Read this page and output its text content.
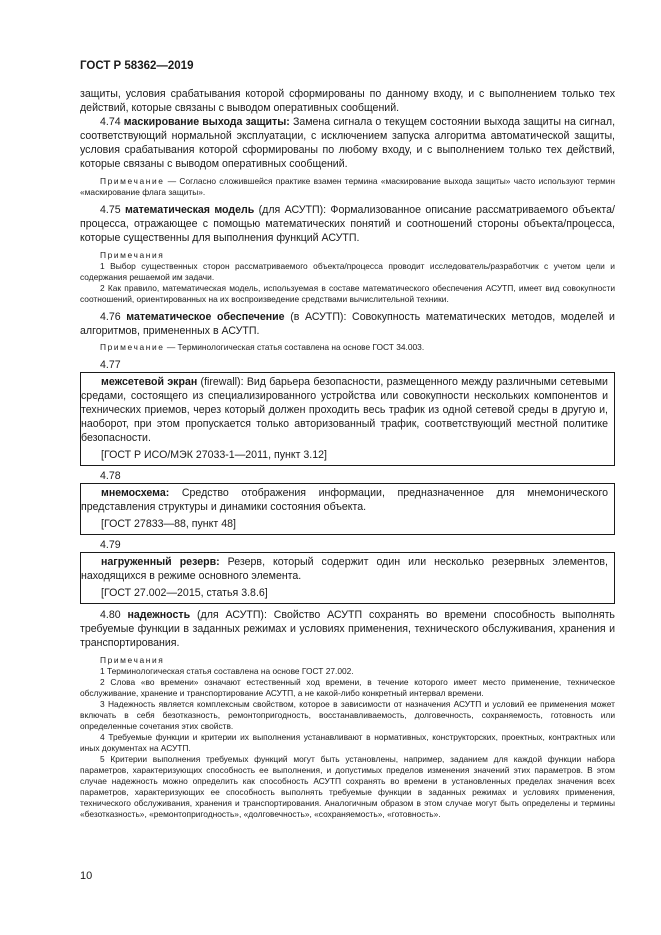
ГОСТ Р 58362—2019

защиты, условия срабатывания которой сформированы по данному входу, и с выполнением только тех действий, которые связаны с выводом оперативных сообщений.

4.74 маскирование выхода защиты: Замена сигнала о текущем состоянии выхода защиты на сигнал, соответствующий нормальной эксплуатации, с исключением запуска алгоритма автоматической защиты, условия срабатывания которой сформированы по любому входу, и с выполнением только тех действий, которые связаны с выводом оперативных сообщений.

Примечание — Согласно сложившейся практике взамен термина «маскирование выхода защиты» часто используют термин «маскирование флага защиты».

4.75 математическая модель (для АСУТП): Формализованное описание рассматриваемого объекта/процесса, отражающее с помощью математических понятий и соотношений стороны объекта/процесса, которые существенны для выполнения функций АСУТП.

Примечания

1 Выбор существенных сторон рассматриваемого объекта/процесса проводит исследователь/разработчик с учетом цели и содержания решаемой им задачи.

2 Как правило, математическая модель, используемая в составе математического обеспечения АСУТП, имеет вид совокупности соотношений, ориентированных на их воспроизведение средствами вычислительной техники.

4.76 математическое обеспечение (в АСУТП): Совокупность математических методов, моделей и алгоритмов, примененных в АСУТП.

Примечание — Терминологическая статья составлена на основе ГОСТ 34.003.

4.77

межсетевой экран (firewall): Вид барьера безопасности, размещенного между различными сетевыми средами, состоящего из специализированного устройства или совокупности нескольких компонентов и технических приемов, через который должен проходить весь трафик из одной сетевой среды в другую и, наоборот, при этом пропускается только авторизованный трафик, соответствующий местной политике безопасности.

[ГОСТ Р ИСО/МЭК 27033-1—2011, пункт 3.12]

4.78

мнемосхема: Средство отображения информации, предназначенное для мнемонического представления структуры и динамики состояния объекта.

[ГОСТ 27833—88, пункт 48]

4.79

нагруженный резерв: Резерв, который содержит один или несколько резервных элементов, находящихся в режиме основного элемента.

[ГОСТ 27.002—2015, статья 3.8.6]

4.80 надежность (для АСУТП): Свойство АСУТП сохранять во времени способность выполнять требуемые функции в заданных режимах и условиях применения, технического обслуживания, хранения и транспортирования.

Примечания

1 Терминологическая статья составлена на основе ГОСТ 27.002.

2 Слова «во времени» означают естественный ход времени, в течение которого имеет место применение, техническое обслуживание, хранение и транспортирование АСУТП, а не какой-либо конкретный интервал времени.

3 Надежность является комплексным свойством, которое в зависимости от назначения АСУТП и условий ее применения может включать в себя безотказность, ремонтопригодность, восстанавливаемость, долговечность, сохраняемость, готовность или определенные сочетания этих свойств.

4 Требуемые функции и критерии их выполнения устанавливают в нормативных, конструкторских, проектных, контрактных или иных документах на АСУТП.

5 Критерии выполнения требуемых функций могут быть установлены, например, заданием для каждой функции набора параметров, характеризующих способность ее выполнения, и допустимых пределов изменения значений этих параметров. В этом случае надежность можно определить как способность АСУТП сохранять во времени в установленных пределах значения всех параметров, характеризующих ее способность выполнять требуемые функции в заданных режимах и условиях применения, технического обслуживания, хранения и транспортирования. Аналогичным образом в этом случае могут быть определены и термины «безотказность», «ремонтопригодность», «долговечность», «сохраняемость», «готовность».

10
